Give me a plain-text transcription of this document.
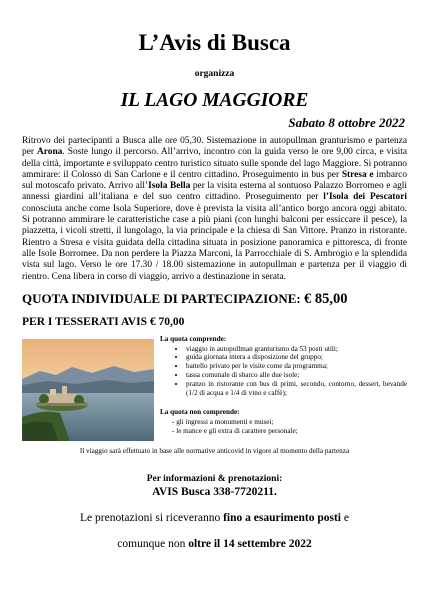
L’Avis di Busca
organizza
IL LAGO MAGGIORE
Sabato 8 ottobre 2022
Ritrovo dei partecipanti a Busca alle ore 05,30. Sistemazione in autopullman granturismo e partenza per Arona. Soste lungo il percorso. All’arrivo, incontro con la guida verso le ore 9,00 circa, e visita della città, importante e sviluppato centro turistico situato sulle sponde del lago Maggiore. Si potranno ammirare: il Colosso di San Carlone e il centro cittadino. Proseguimento in bus per Stresa e imbarco sul motoscafo privato. Arrivo all’Isola Bella per la visita esterna al sontuoso Palazzo Borromeo e agli annessi giardini all’italiana e del suo centro cittadino. Proseguimento per l’Isola dei Pescatori conosciuta anche come Isola Superiore, dove è prevista la visita all’antico borgo ancora oggi abitato. Si potranno ammirare le caratteristiche case a più piani (con lunghi balconi per essiccare il pesce), la piazzetta, i vicoli stretti, il lungolago, la via principale e la chiesa di San Vittore. Pranzo in ristorante. Rientro a Stresa e visita guidata della cittadina situata in posizione panoramica e pittoresca, di fronte alle Isole Borromee. Da non perdere la Piazza Marconi, la Parrocchiale di S. Ambrogio e la splendida vista sul lago. Verso le ore 17.30 / 18.00 sistemazione in autopullman e partenza per il viaggio di rientro. Cena libera in corso di viaggio, arrivo a destinazione in serata.
QUOTA INDIVIDUALE DI PARTECIPAZIONE: € 85,00
PER I TESSERATI AVIS € 70,00
La quota comprende:
• viaggio in autopullman granturismo da 53 posti utili;
• guida giornata intera a disposizione del gruppo;
• battello privato per le visite come da programma;
• tassa comunale di sbarco alle due isole;
• pranzo in ristorante con bus di primi, secondo, contorno, dessert, bevande (1/2 di acqua e 1/4 di vino e caffè);
La quota non comprende:
- gli ingressi a monumenti e musei;
- le mance e gli extra di carattere personale;
Il viaggio sarà effettuato in base alle normative anticovid in vigore al momento della partenza
Per informazioni & prenotazioni:
AVIS Busca 338-7720211.
Le prenotazioni si riceveranno fino a esaurimento posti e
comunque non oltre il 14 settembre 2022
